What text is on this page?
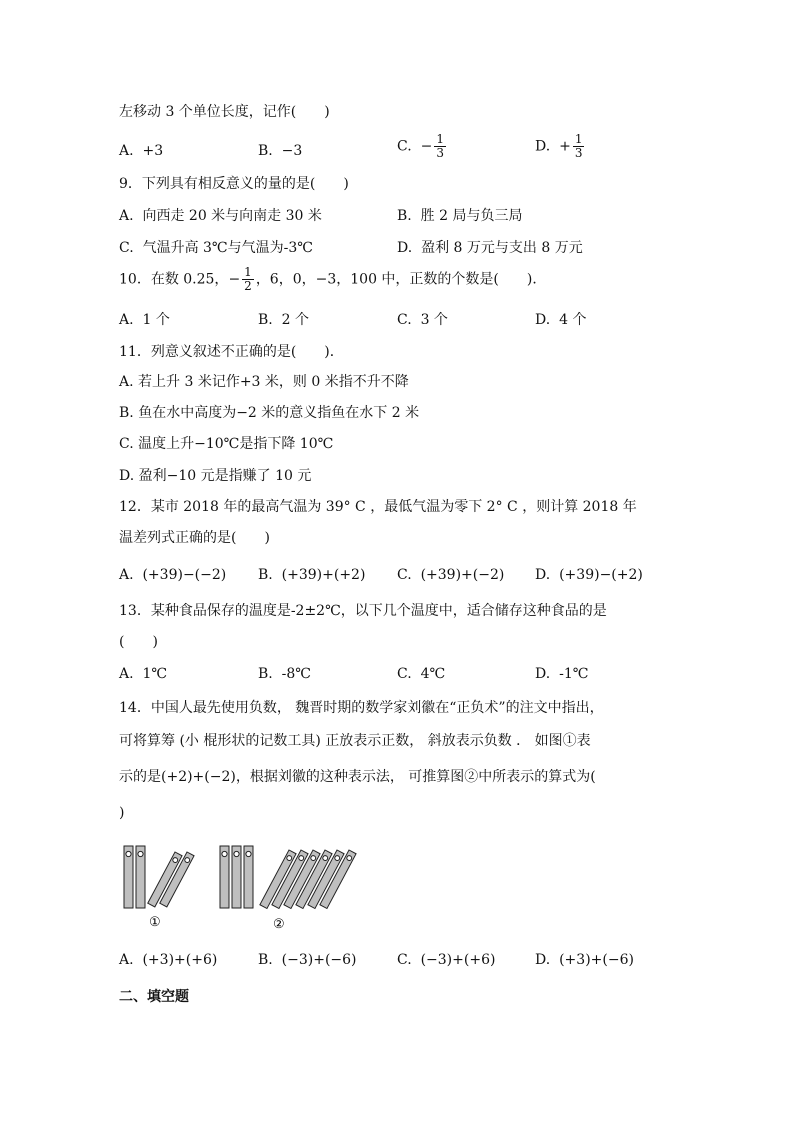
左移动 3 个单位长度，记作(　　)
A. +3	B. −3	C. − $\frac{1}{3}$	D. + $\frac{1}{3}$
9．下列具有相反意义的量的是(　　)
A. 向西走 20 米与向南走 30 米	B. 胜 2 局与负三局
C. 气温升高 3℃与气温为-3℃	D. 盈利 8 万元与支出 8 万元
10．在数 0.25，− $\frac{1}{2}$ ，6，0，−3，100 中，正数的个数是(　　)．
A. 1 个	B. 2 个	C. 3 个	D. 4 个
11．列意义叙述不正确的是(　　)．
A. 若上升 3 米记作+3 米，则 0 米指不升不降
B. 鱼在水中高度为−2 米的意义指鱼在水下 2 米
C. 温度上升−10℃是指下降 10℃
D. 盈利−10 元是指赚了 10 元
12．某市 2018 年的最高气温为 39° C ，最低气温为零下 2° C ，则计算 2018 年
温差列式正确的是(　　)
A. (+39)−(−2) B. (+39)+(+2) C. (+39)+(−2) D. (+39)−(+2)
13．某种食品保存的温度是-2±2℃，以下几个温度中，适合储存这种食品的是
(　　)
A. 1℃	B. -8℃	C. 4℃	D. -1℃
14．中国人最先使用负数， 魏晋时期的数学家刘徽在“正负术”的注文中指出，
可将算筹 (小 棍形状的记数工具) 正放表示正数， 斜放表示负数 ． 如图①表
示的是(+2)+(−2)，根据刘徽的这种表示法， 可推算图②中所表示的算式为(
)
①	②
A. (+3)+(+6)	B. (−3)+(−6)	C. (−3)+(+6)	D. (+3)+(−6)
二、填空题
